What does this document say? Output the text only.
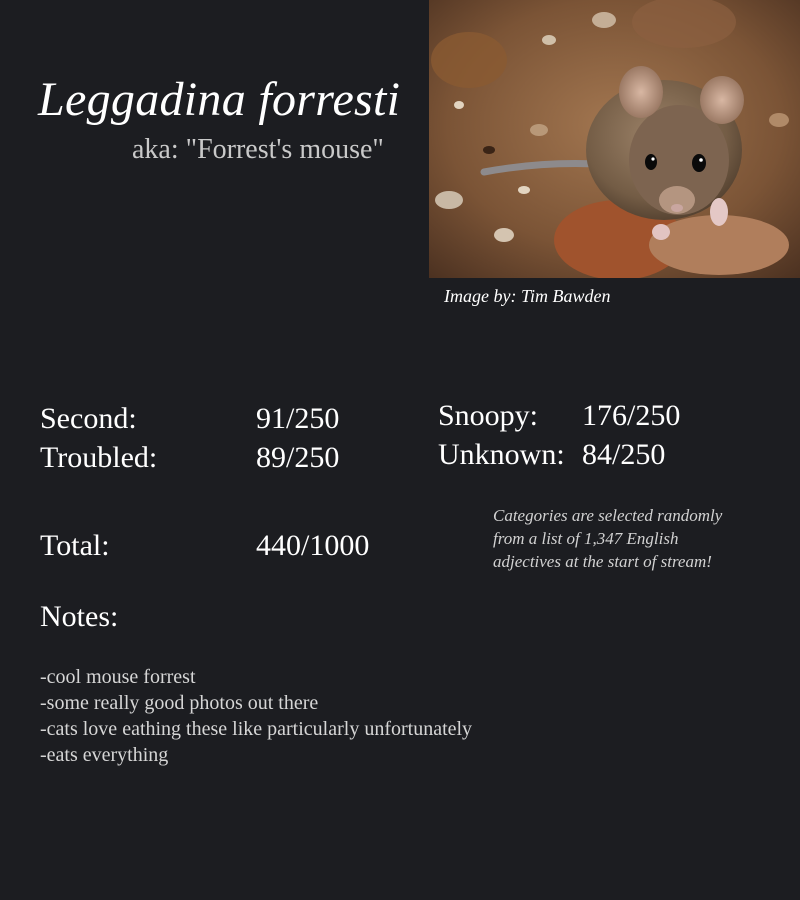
Leggadina forresti
aka: "Forrest's mouse"
Image by: Tim Bawden
Second:	91/250
Troubled:	89/250
Snoopy: 176/250
Unknown: 84/250
Total:	440/1000
Categories are selected randomly from a list of 1,347 English adjectives at the start of stream!
Notes:
-cool mouse forrest
-some really good photos out there
-cats love eathing these like particularly unfortunately
-eats everything
